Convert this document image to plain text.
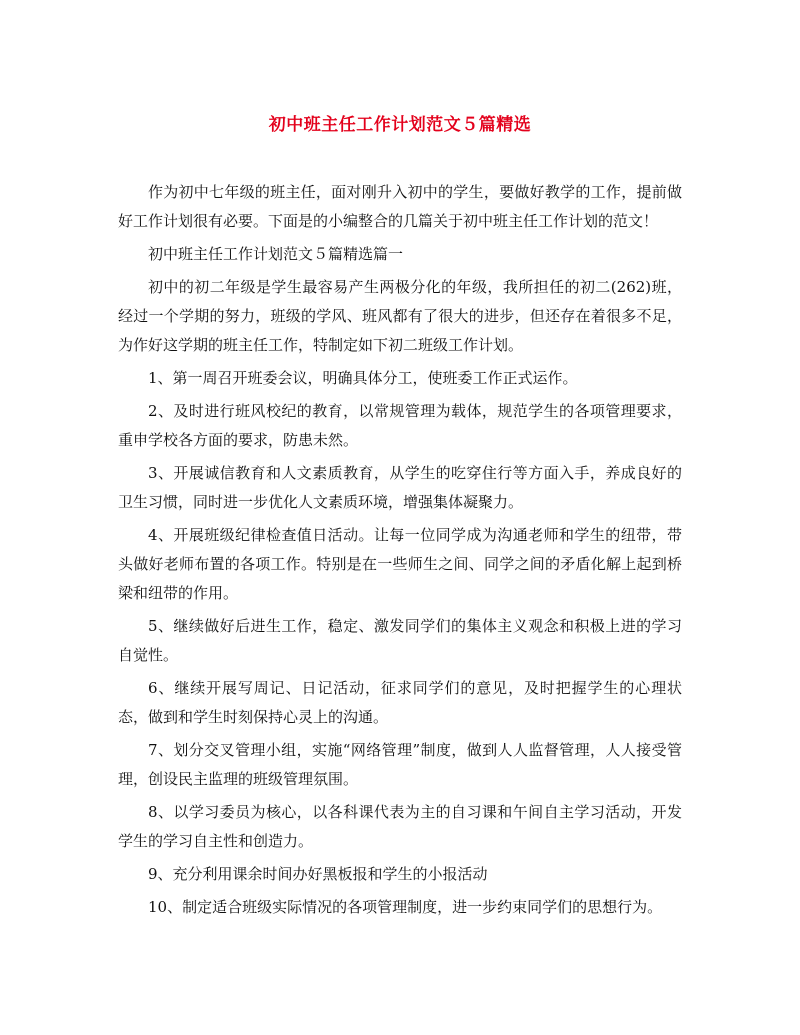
初中班主任工作计划范文５篇精选

作为初中七年级的班主任，面对刚升入初中的学生，要做好教学的工作，提前做好工作计划很有必要。下面是的小编整合的几篇关于初中班主任工作计划的范文！

初中班主任工作计划范文５篇精选篇一

初中的初二年级是学生最容易产生两极分化的年级，我所担任的初二(262)班，经过一个学期的努力，班级的学风、班风都有了很大的进步，但还存在着很多不足，为作好这学期的班主任工作，特制定如下初二班级工作计划。

1、第一周召开班委会议，明确具体分工，使班委工作正式运作。

2、及时进行班风校纪的教育，以常规管理为载体，规范学生的各项管理要求，重申学校各方面的要求，防患未然。

3、开展诚信教育和人文素质教育，从学生的吃穿住行等方面入手，养成良好的卫生习惯，同时进一步优化人文素质环境，增强集体凝聚力。

4、开展班级纪律检查值日活动。让每一位同学成为沟通老师和学生的纽带，带头做好老师布置的各项工作。特别是在一些师生之间、同学之间的矛盾化解上起到桥梁和纽带的作用。

5、继续做好后进生工作，稳定、激发同学们的集体主义观念和积极上进的学习自觉性。

6、继续开展写周记、日记活动，征求同学们的意见，及时把握学生的心理状态，做到和学生时刻保持心灵上的沟通。

7、划分交叉管理小组，实施“网络管理”制度，做到人人监督管理，人人接受管理，创设民主监理的班级管理氛围。

8、以学习委员为核心，以各科课代表为主的自习课和午间自主学习活动，开发学生的学习自主性和创造力。

9、充分利用课余时间办好黑板报和学生的小报活动

10、制定适合班级实际情况的各项管理制度，进一步约束同学们的思想行为。
